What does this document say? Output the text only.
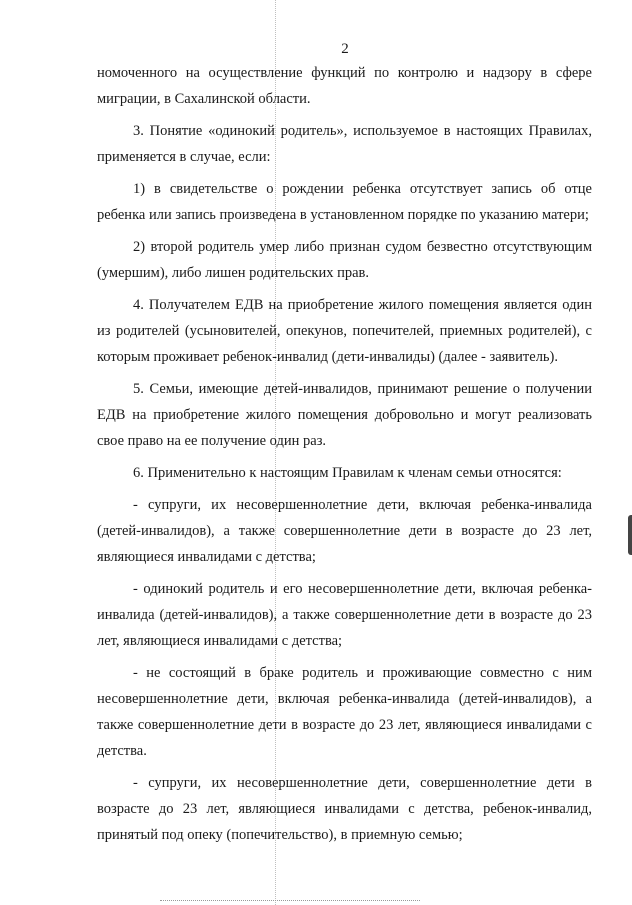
2

номоченного на осуществление функций по контролю и надзору в сфере миграции, в Сахалинской области.

3. Понятие «одинокий родитель», используемое в настоящих Правилах, применяется в случае, если:

1) в свидетельстве о рождении ребенка отсутствует запись об отце ребенка или запись произведена в установленном порядке по указанию матери;

2) второй родитель умер либо признан судом безвестно отсутствующим (умершим), либо лишен родительских прав.

4. Получателем ЕДВ на приобретение жилого помещения является один из родителей (усыновителей, опекунов, попечителей, приемных родителей), с которым проживает ребенок-инвалид (дети-инвалиды) (далее - заявитель).

5. Семьи, имеющие детей-инвалидов, принимают решение о получении ЕДВ на приобретение жилого помещения добровольно и могут реализовать свое право на ее получение один раз.

6. Применительно к настоящим Правилам к членам семьи относятся:

- супруги, их несовершеннолетние дети, включая ребенка-инвалида (детей-инвалидов), а также совершеннолетние дети в возрасте до 23 лет, являющиеся инвалидами с детства;

- одинокий родитель и его несовершеннолетние дети, включая ребенка-инвалида (детей-инвалидов), а также совершеннолетние дети в возрасте до 23 лет, являющиеся инвалидами с детства;

- не состоящий в браке родитель и проживающие совместно с ним несовершеннолетние дети, включая ребенка-инвалида (детей-инвалидов), а также совершеннолетние дети в возрасте до 23 лет, являющиеся инвалидами с детства.

- супруги, их несовершеннолетние дети, совершеннолетние дети в возрасте до 23 лет, являющиеся инвалидами с детства, ребенок-инвалид, принятый под опеку (попечительство), в приемную семью;
